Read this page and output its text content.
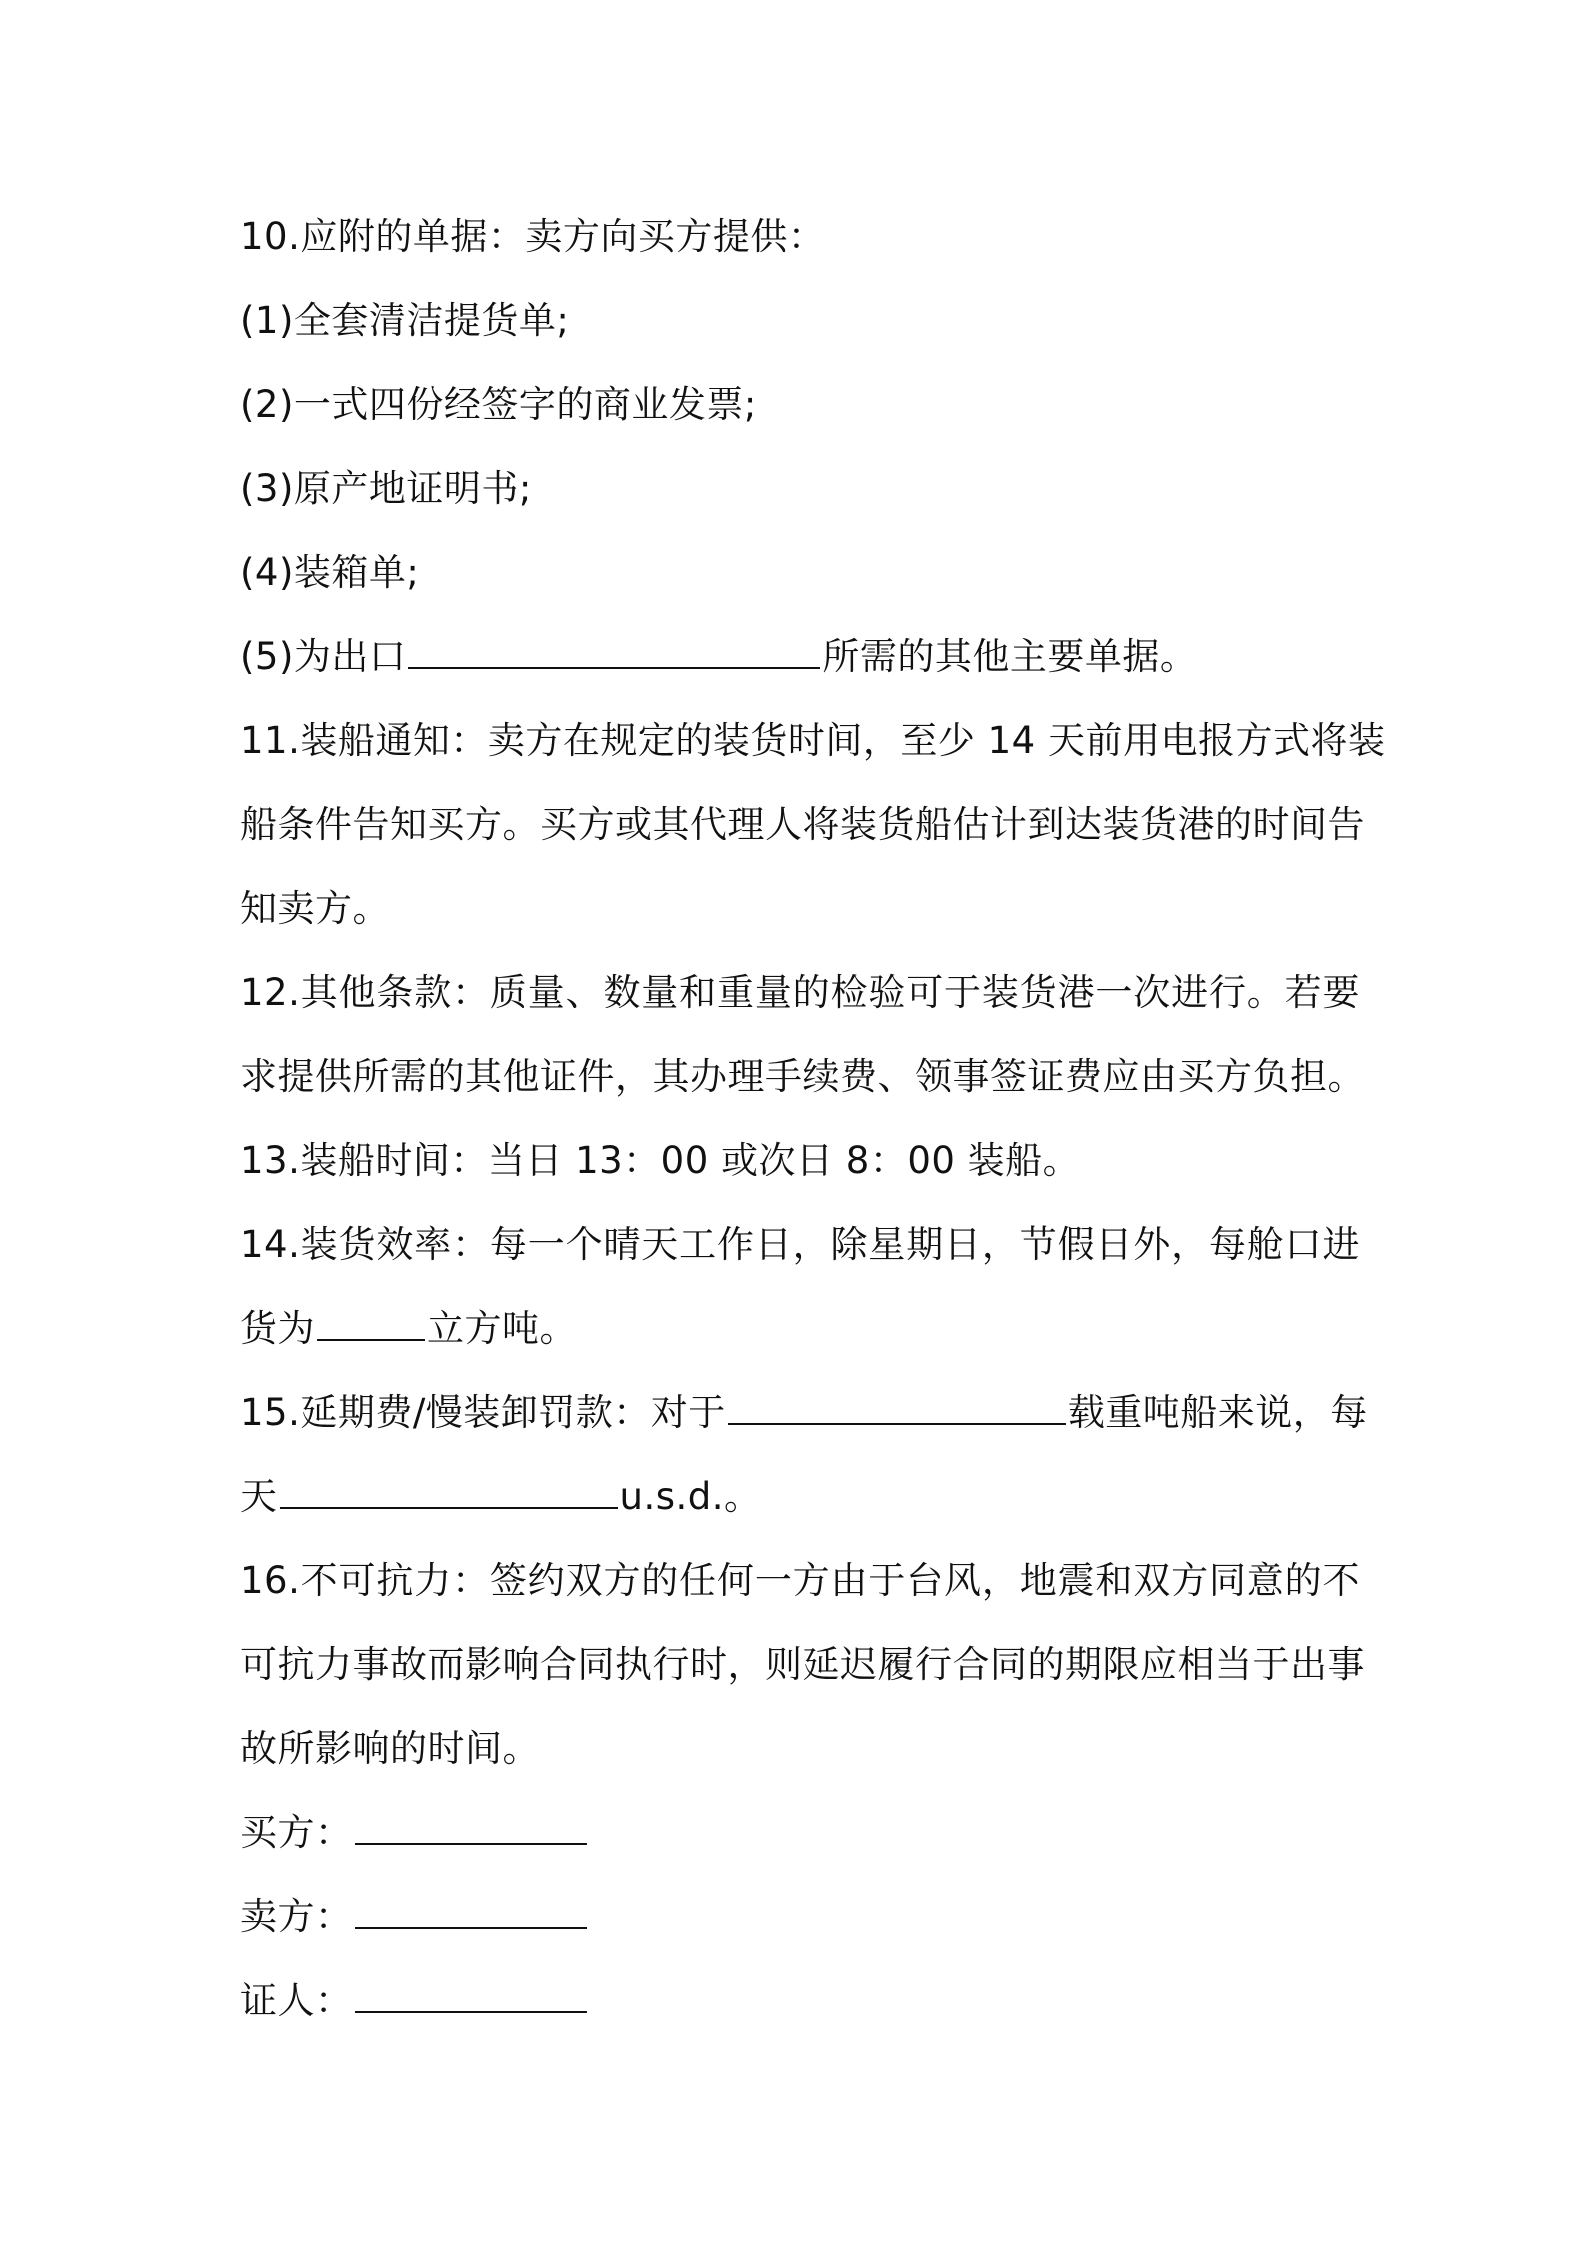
10.应附的单据：卖方向买方提供：
(1)全套清洁提货单;
(2)一式四份经签字的商业发票;
(3)原产地证明书;
(4)装箱单;
(5)为出口	所需的其他主要单据。
11.装船通知：卖方在规定的装货时间，至少 14 天前用电报方式将装
船条件告知买方。买方或其代理人将装货船估计到达装货港的时间告
知卖方。
12.其他条款：质量、数量和重量的检验可于装货港一次进行。若要
求提供所需的其他证件，其办理手续费、领事签证费应由买方负担。
13.装船时间：当日 13：00 或次日 8：00 装船。
14.装货效率：每一个晴天工作日，除星期日，节假日外，每舱口进
货为	立方吨。
15.延期费/慢装卸罚款：对于	载重吨船来说，每
天	u.s.d.。
16.不可抗力：签约双方的任何一方由于台风，地震和双方同意的不
可抗力事故而影响合同执行时，则延迟履行合同的期限应相当于出事
故所影响的时间。
买方：
卖方：
证人：
